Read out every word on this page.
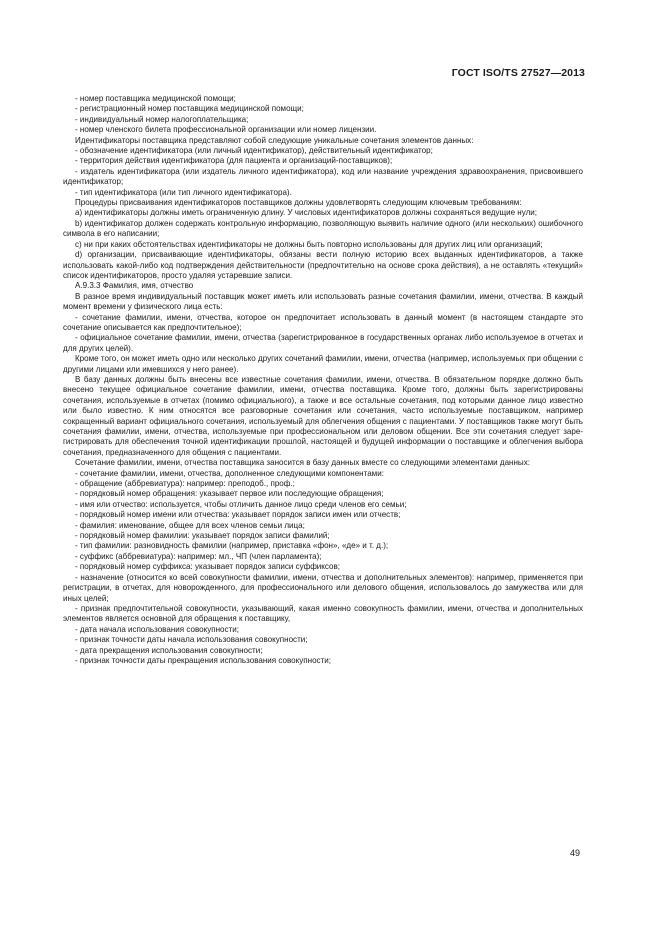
ГОСТ ISO/TS 27527—2013

- номер поставщика медицинской помощи;

- регистрационный номер поставщика медицинской помощи;

- индивидуальный номер налогоплательщика;

- номер членского билета профессиональной организации или номер лицензии.

Идентификаторы поставщика представляют собой следующие уникальные сочетания элементов данных:

- обозначение идентификатора (или личный идентификатор), действительный идентификатор;

- территория действия идентификатора (для пациента и организаций-поставщиков);

- издатель идентификатора (или издатель личного идентификатора), код или название учреждения здравоохранения, присвоившего идентификатор;

- тип идентификатора (или тип личного идентификатора).

Процедуры присваивания идентификаторов поставщиков должны удовлетворять следующим ключевым требованиям:

a) идентификаторы должны иметь ограниченную длину. У числовых идентификаторов должны сохраняться ведущие нули;

b) идентификатор должен содержать контрольную информацию, позволяющую выявить наличие одного (или нескольких) ошибочного символа в его написании;

c) ни при каких обстоятельствах идентификаторы не должны быть повторно использованы для других лиц или организаций;

d) организации, присваивающие идентификаторы, обязаны вести полную историю всех выданных идентификаторов, а также использовать какой-либо код подтверждения действительности (предпочтительно на основе срока действия), а не оставлять «текущий» список идентификаторов, просто удаляя устаревшие записи.

A.9.3.3 Фамилия, имя, отчество

В разное время индивидуальный поставщик может иметь или использовать разные сочетания фамилии, имени, отчества. В каждый момент времени у физического лица есть:

- сочетание фамилии, имени, отчества, которое он предпочитает использовать в данный момент (в настоящем стандарте это сочетание описывается как предпочтительное);

- официальное сочетание фамилии, имени, отчества (зарегистрированное в государственных органах либо используемое в отчетах и для других целей).

Кроме того, он может иметь одно или несколько других сочетаний фамилии, имени, отчества (например, используемых при общении с другими лицами или имевшихся у него ранее).

В базу данных должны быть внесены все известные сочетания фамилии, имени, отчества. В обязательном порядке должно быть внесено текущее официальное сочетание фамилии, имени, отчества поставщика. Кроме того, должны быть зарегистрированы сочетания, используемые в отчетах (помимо официального), а также и все остальные сочетания, под которыми данное лицо известно или было известно. К ним относятся все разговорные сочетания или сочетания, часто используемые поставщиком, например сокращенный вариант официального сочетания, используемый для облегчения общения с пациентами. У поставщиков также могут быть сочетания фамилии, имени, отчества, используемые при профессиональном или деловом общении. Все эти сочетания следует зарегистрировать для обеспечения точной идентификации прошлой, настоящей и будущей информации о поставщике и облегчения выбора сочетания, предназначенного для общения с пациентами.

Сочетание фамилии, имени, отчества поставщика заносится в базу данных вместе со следующими элементами данных:

- сочетание фамилии, имени, отчества, дополненное следующими компонентами:

- обращение (аббревиатура): например: преподоб., проф.;

- порядковый номер обращения: указывает первое или последующие обращения;

- имя или отчество: используется, чтобы отличить данное лицо среди членов его семьи;

- порядковый номер имени или отчества: указывает порядок записи имен или отчеств;

- фамилия: именование, общее для всех членов семьи лица;

- порядковый номер фамилии: указывает порядок записи фамилий;

- тип фамилии: разновидность фамилии (например, приставка «фон», «де» и т. д.);

- суффикс (аббревиатура): например: мл., ЧП (член парламента);

- порядковый номер суффикса: указывает порядок записи суффиксов;

- назначение (относится ко всей совокупности фамилии, имени, отчества и дополнительных элементов): например, применяется при регистрации, в отчетах, для новорожденного, для профессионального или делового общения, использовалось до замужества или для иных целей;

- признак предпочтительной совокупности, указывающий, какая именно совокупность фамилии, имени, отчества и дополнительных элементов является основной для обращения к поставщику,

- дата начала использования совокупности;

- признак точности даты начала использования совокупности;

- дата прекращения использования совокупности;

- признак точности даты прекращения использования совокупности;

49
